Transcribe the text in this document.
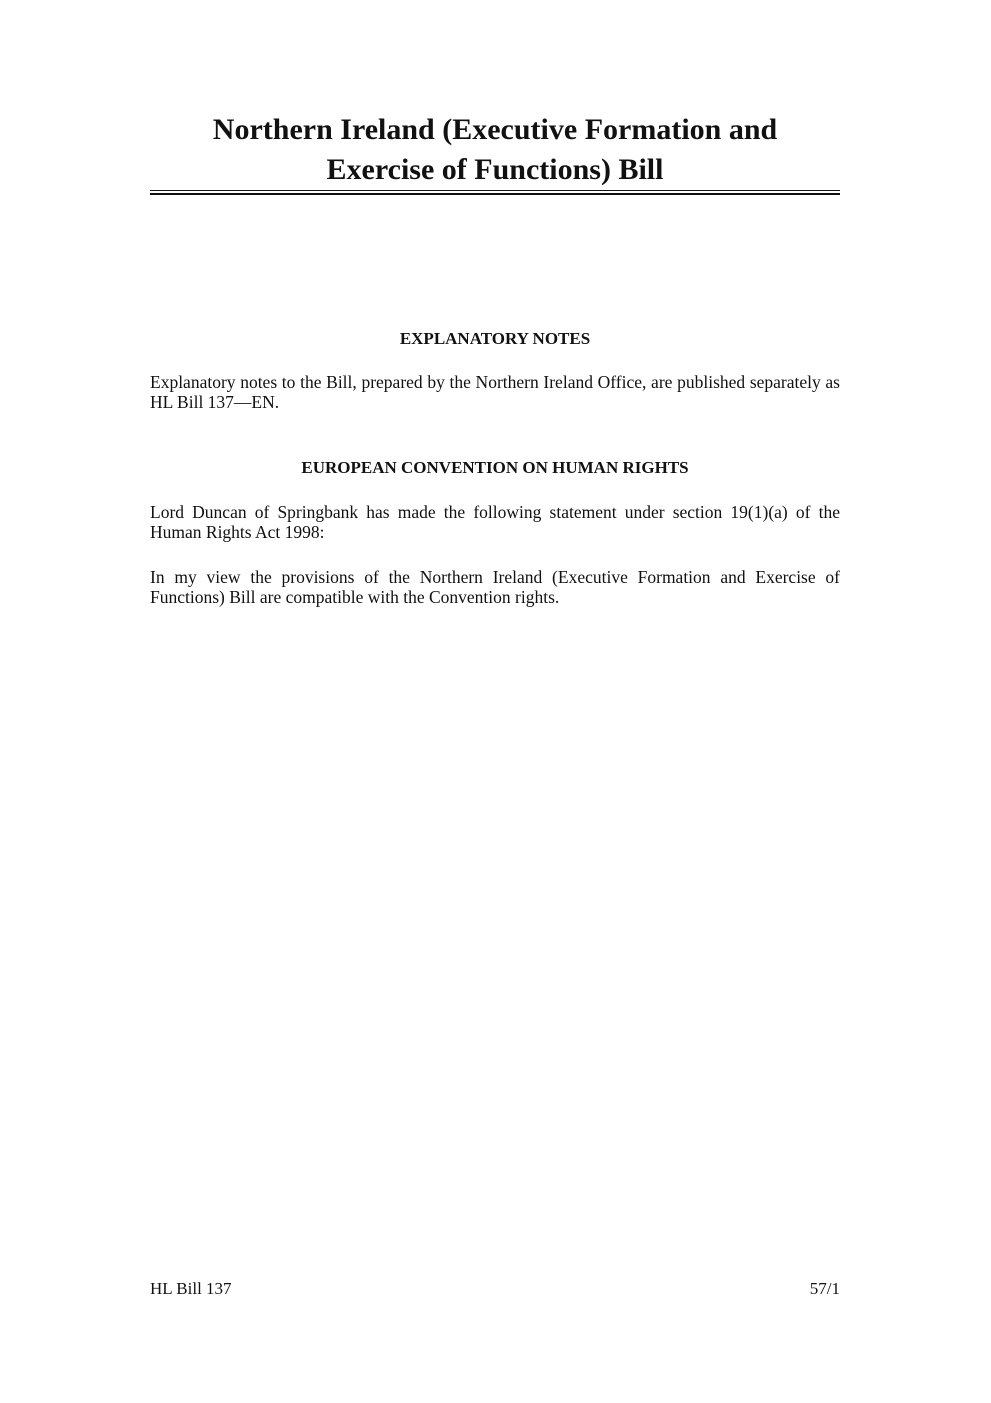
Northern Ireland (Executive Formation and
Exercise of Functions) Bill
EXPLANATORY NOTES

Explanatory notes to the Bill, prepared by the Northern Ireland Office, are published separately as HL Bill 137—EN.

EUROPEAN CONVENTION ON HUMAN RIGHTS

Lord Duncan of Springbank has made the following statement under section 19(1)(a) of the Human Rights Act 1998:

In my view the provisions of the Northern Ireland (Executive Formation and Exercise of Functions) Bill are compatible with the Convention rights.

HL Bill 137	57/1
